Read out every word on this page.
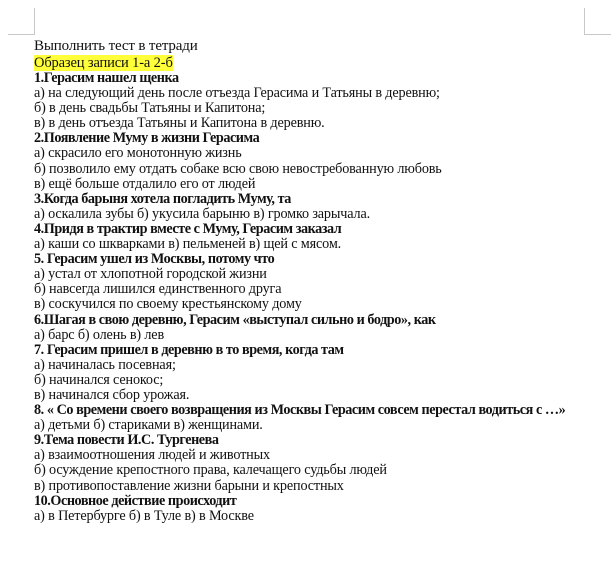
Выполнить тест в тетради
Образец записи 1-а 2-б
1.Герасим нашел щенка
а) на следующий день после отъезда Герасима и Татьяны в деревню;
б) в день свадьбы Татьяны и Капитона;
в) в день отъезда Татьяны и Капитона в деревню.
2.Появление Муму в жизни Герасима
а) скрасило его монотонную жизнь
б) позволило ему отдать собаке всю свою невостребованную любовь
в) ещё больше отдалило его от людей
3.Когда барыня хотела погладить Муму, та
а) оскалила зубы б) укусила барыню в) громко зарычала.
4.Придя в трактир вместе с Муму, Герасим заказал
а) каши со шкварками в) пельменей в) щей с мясом.
5. Герасим ушел из Москвы, потому что
а) устал от хлопотной городской жизни
б) навсегда лишился единственного друга
в) соскучился по своему крестьянскому дому
6.Шагая в свою деревню, Герасим «выступал сильно и бодро», как
а) барс б) олень в) лев
7. Герасим пришел в деревню в то время, когда там
а) начиналась посевная;
б) начинался сенокос;
в) начинался сбор урожая.
8. « Со времени своего возвращения из Москвы Герасим совсем перестал водиться с …»
а) детьми б) стариками в) женщинами.
9.Тема повести И.С. Тургенева
а) взаимоотношения людей и животных
б) осуждение крепостного права, калечащего судьбы людей
в) противопоставление жизни барыни и крепостных
10.Основное действие происходит
а) в Петербурге б) в Туле в) в Москве
